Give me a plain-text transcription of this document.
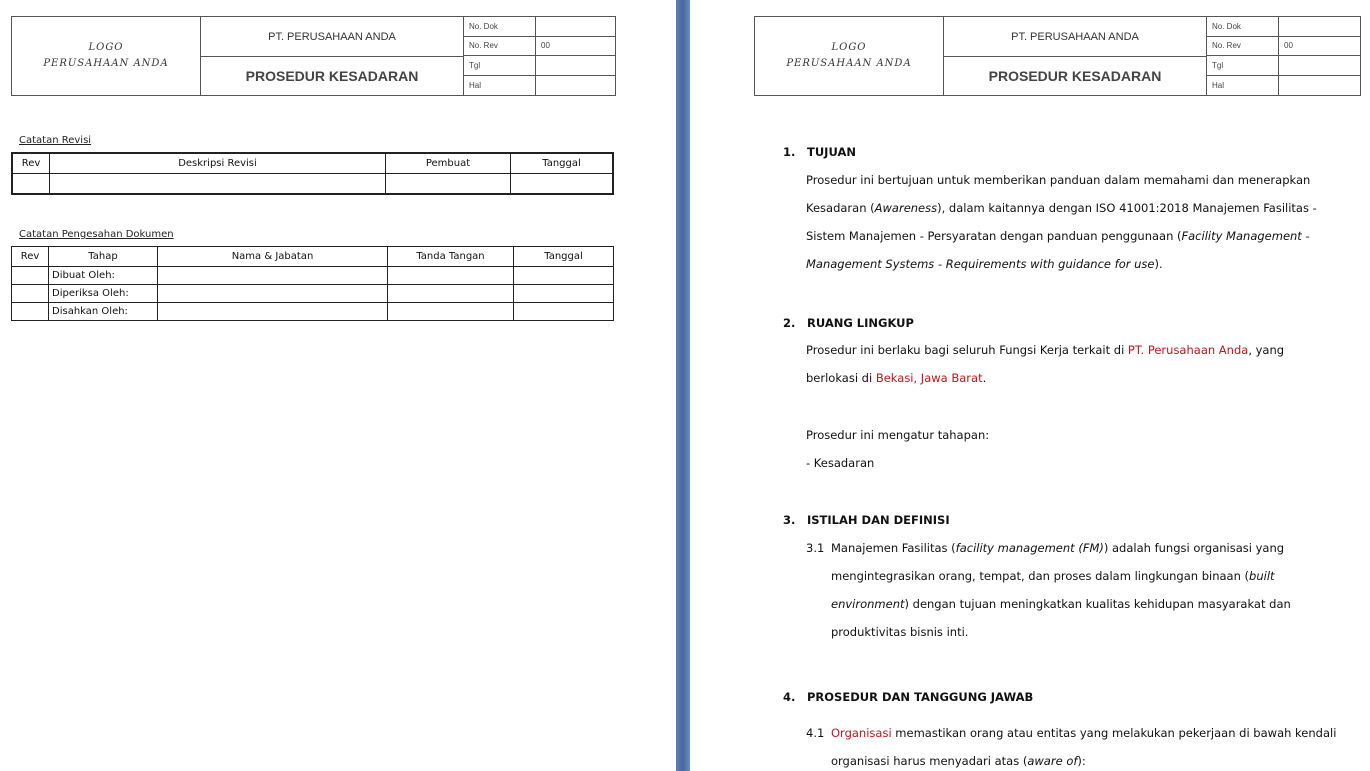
LOGO
PERUSAHAAN ANDA
PT. PERUSAHAAN ANDA
PROSEDUR KESADARAN
No. Dok
No. Rev	00
Tgl
Hal
Catatan Revisi
Rev	Deskripsi Revisi	Pembuat	Tanggal

Catatan Pengesahan Dokumen
Rev	Tahap	Nama & Jabatan	Tanda Tangan	Tanggal
	Dibuat Oleh:			
	Diperiksa Oleh:			
	Disahkan Oleh:			
LOGO
PERUSAHAAN ANDA
PT. PERUSAHAAN ANDA
PROSEDUR KESADARAN
No. Dok
No. Rev	00
Tgl
Hal
1. TUJUAN
Prosedur ini bertujuan untuk memberikan panduan dalam memahami dan menerapkan
Kesadaran (Awareness), dalam kaitannya dengan ISO 41001:2018 Manajemen Fasilitas -
Sistem Manajemen - Persyaratan dengan panduan penggunaan (Facility Management -
Management Systems - Requirements with guidance for use).
2. RUANG LINGKUP
Prosedur ini berlaku bagi seluruh Fungsi Kerja terkait di PT. Perusahaan Anda, yang
berlokasi di Bekasi, Jawa Barat.
Prosedur ini mengatur tahapan:
- Kesadaran
3. ISTILAH DAN DEFINISI
3.1 Manajemen Fasilitas (facility management (FM)) adalah fungsi organisasi yang
mengintegrasikan orang, tempat, dan proses dalam lingkungan binaan (built
environment) dengan tujuan meningkatkan kualitas kehidupan masyarakat dan
produktivitas bisnis inti.
4. PROSEDUR DAN TANGGUNG JAWAB
4.1 Organisasi memastikan orang atau entitas yang melakukan pekerjaan di bawah kendali
organisasi harus menyadari atas (aware of):
